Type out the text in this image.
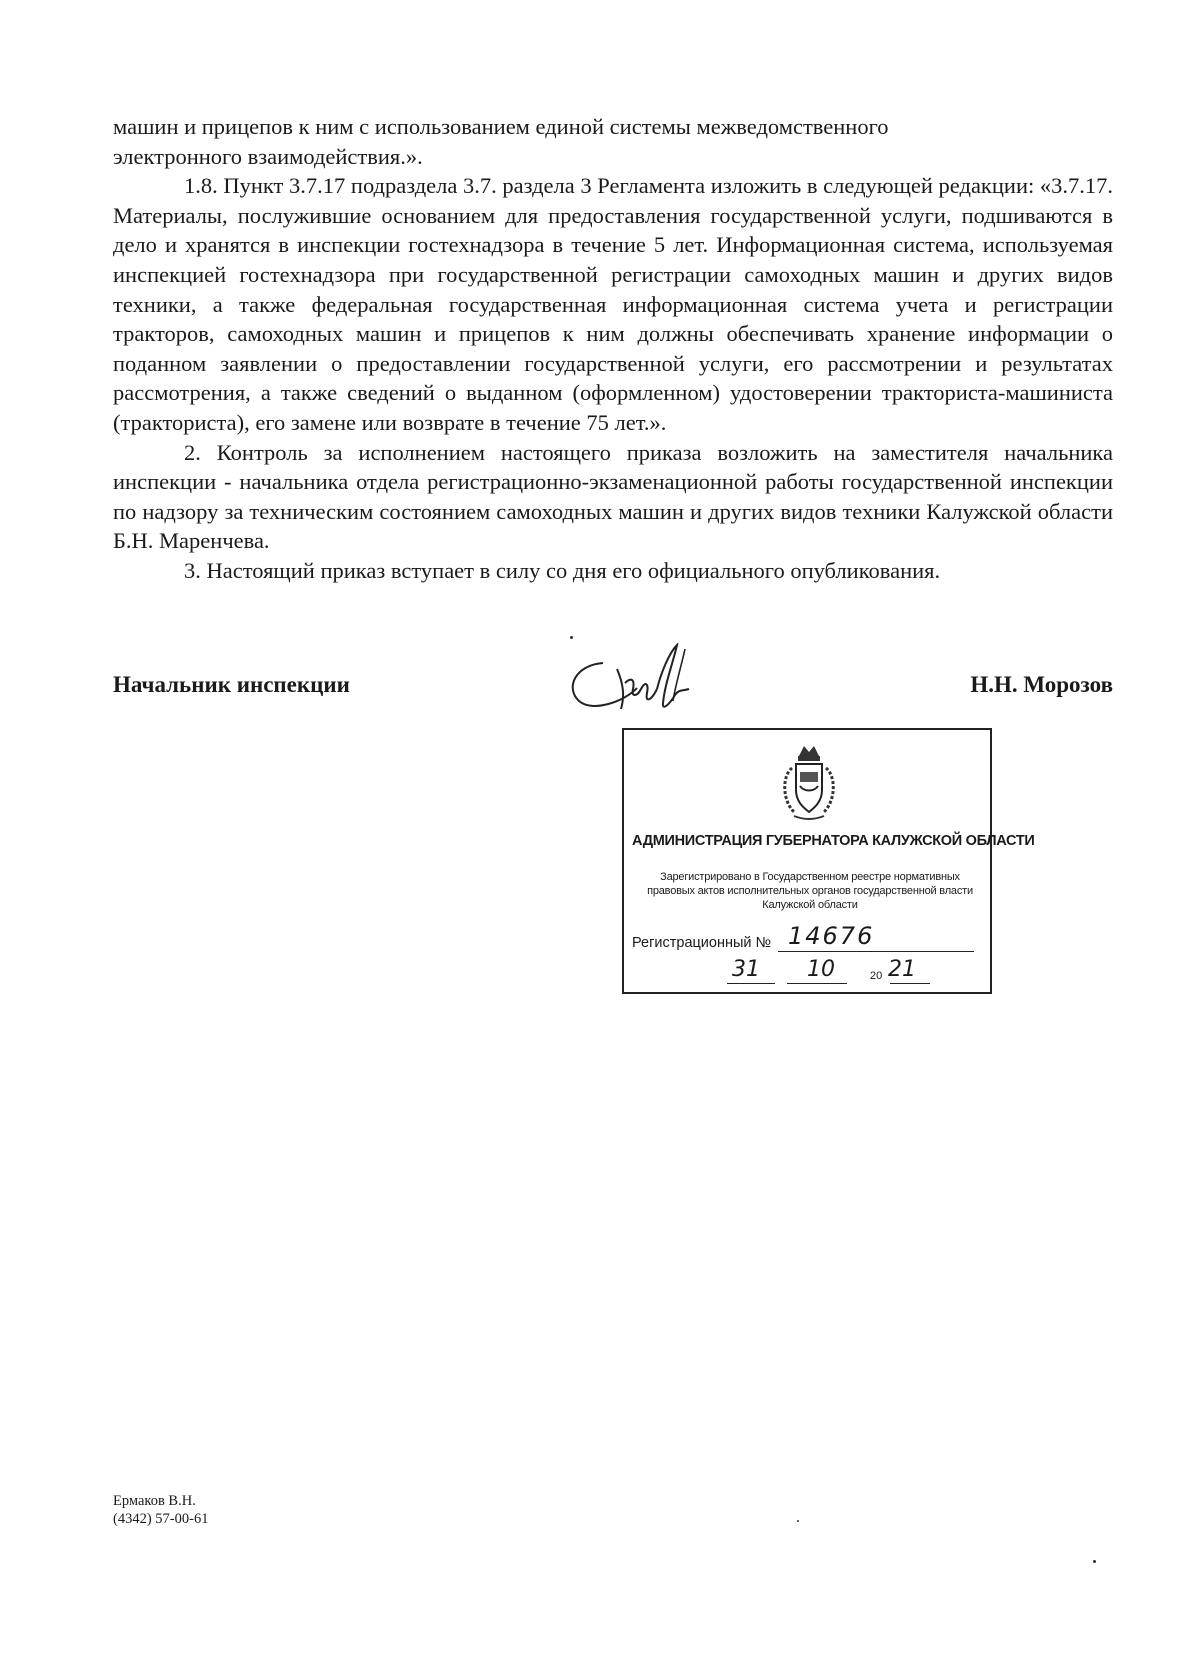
машин и прицепов к ним с использованием единой системы межведомственного
электронного взаимодействия.».

1.8. Пункт 3.7.17 подраздела 3.7. раздела 3 Регламента изложить в следующей редакции: «3.7.17. Материалы, послужившие основанием для предоставления государственной услуги, подшиваются в дело и хранятся в инспекции гостехнадзора в течение 5 лет. Информационная система, используемая инспекцией гостехнадзора при государственной регистрации самоходных машин и других видов техники, а также федеральная государственная информационная система учета и регистрации тракторов, самоходных машин и прицепов к ним должны обеспечивать хранение информации о поданном заявлении о предоставлении государственной услуги, его рассмотрении и результатах рассмотрения, а также сведений о выданном (оформленном) удостоверении тракториста-машиниста (тракториста), его замене или возврате в течение 75 лет.».

2. Контроль за исполнением настоящего приказа возложить на заместителя начальника инспекции - начальника отдела регистрационно-экзаменационной работы государственной инспекции по надзору за техническим состоянием самоходных машин и других видов техники Калужской области Б.Н. Маренчева.

3. Настоящий приказ вступает в силу со дня его официального опубликования.

Начальник инспекции	Н.Н. Морозов
АДМИНИСТРАЦИЯ ГУБЕРНАТОРА КАЛУЖСКОЙ ОБЛАСТИ
Зарегистрировано в Государственном реестре нормативных
правовых актов исполнительных органов государственной власти
Калужской области
Регистрационный № 14676
31 10	20 21
Ермаков В.Н.
(4342) 57-00-61
